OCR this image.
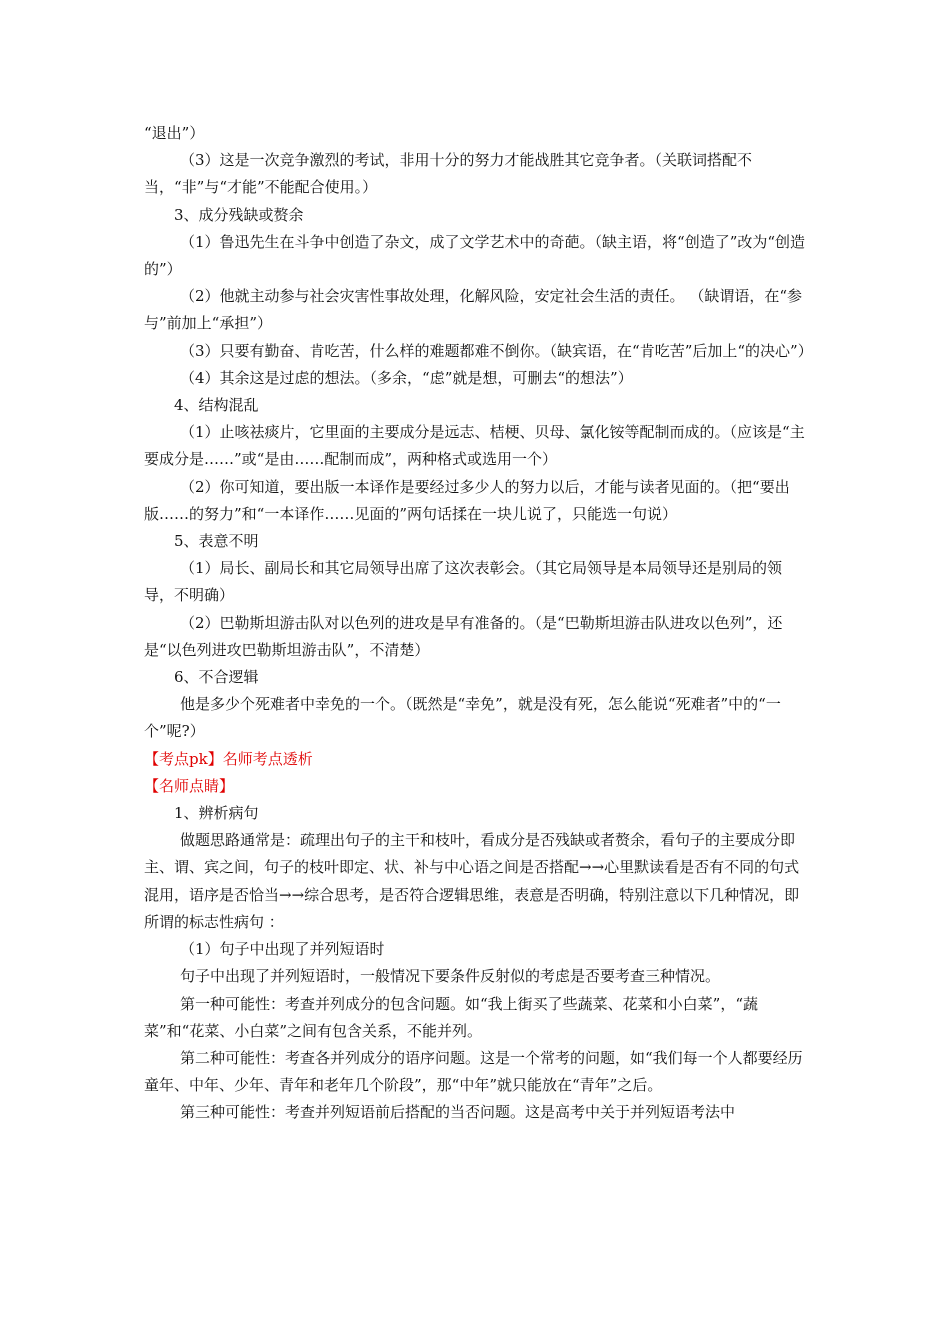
“退出”）

（3）这是一次竞争激烈的考试，非用十分的努力才能战胜其它竞争者。（关联词搭配不当，“非”与“才能”不能配合使用。）

3、成分残缺或赘余

（1）鲁迅先生在斗争中创造了杂文，成了文学艺术中的奇葩。（缺主语，将“创造了”改为“创造的”）

（2）他就主动参与社会灾害性事故处理，化解风险，安定社会生活的责任。 （缺谓语，在“参与”前加上“承担”）

（3）只要有勤奋、肯吃苦，什么样的难题都难不倒你。（缺宾语，在“肯吃苦”后加上“的决心”）

（4）其余这是过虑的想法。（多余，“虑”就是想，可删去“的想法”）

4、结构混乱

（1）止咳祛痰片，它里面的主要成分是远志、桔梗、贝母、氯化铵等配制而成的。（应该是“主要成分是……”或“是由……配制而成”，两种格式或选用一个）

（2）你可知道，要出版一本译作是要经过多少人的努力以后，才能与读者见面的。（把“要出版……的努力”和“一本译作……见面的”两句话揉在一块儿说了，只能选一句说）

5、表意不明

（1）局长、副局长和其它局领导出席了这次表彰会。（其它局领导是本局领导还是别局的领导，不明确）

（2）巴勒斯坦游击队对以色列的进攻是早有准备的。（是“巴勒斯坦游击队进攻以色列”，还是“以色列进攻巴勒斯坦游击队”，不清楚）

6、不合逻辑

他是多少个死难者中幸免的一个。（既然是“幸免”，就是没有死，怎么能说“死难者”中的“一个”呢?）

【考点pk】名师考点透析

【名师点睛】

1、辨析病句

做题思路通常是：疏理出句子的主干和枝叶，看成分是否残缺或者赘余，看句子的主要成分即主、谓、宾之间，句子的枝叶即定、状、补与中心语之间是否搭配→→心里默读看是否有不同的句式混用，语序是否恰当→→综合思考，是否符合逻辑思维，表意是否明确，特别注意以下几种情况，即所谓的标志性病句 ：

（1）句子中出现了并列短语时

句子中出现了并列短语时，一般情况下要条件反射似的考虑是否要考查三种情况。

第一种可能性：考查并列成分的包含问题。如“我上街买了些蔬菜、花菜和小白菜”，“蔬菜”和“花菜、小白菜”之间有包含关系，不能并列。

第二种可能性：考查各并列成分的语序问题。这是一个常考的问题，如“我们每一个人都要经历童年、中年、少年、青年和老年几个阶段”，那“中年”就只能放在“青年”之后。

第三种可能性：考查并列短语前后搭配的当否问题。这是高考中关于并列短语考法中
